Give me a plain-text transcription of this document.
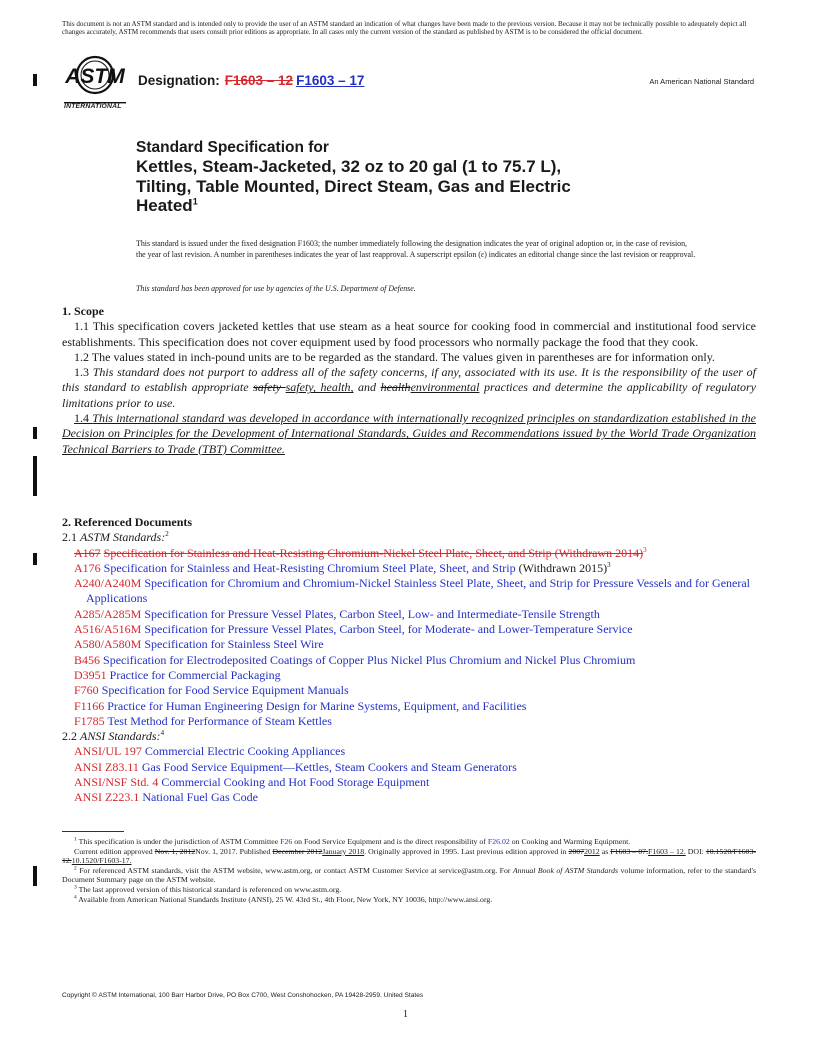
This document is not an ASTM standard and is intended only to provide the user of an ASTM standard an indication of what changes have been made to the previous version. Because it may not be technically possible to adequately depict all changes accurately, ASTM recommends that users consult prior editions as appropriate. In all cases only the current version of the standard as published by ASTM is to be considered the official document.
ASTM
INTERNATIONAL
Designation: F1603 – 12 F1603 – 17	An American National Standard
Standard Specification for
Kettles, Steam-Jacketed, 32 oz to 20 gal (1 to 75.7 L),
Tilting, Table Mounted, Direct Steam, Gas and Electric
Heated$^1$
This standard is issued under the fixed designation F1603; the number immediately following the designation indicates the year of original adoption or, in the case of revision, the year of last revision. A number in parentheses indicates the year of last reapproval. A superscript epsilon (ε) indicates an editorial change since the last revision or reapproval.
This standard has been approved for use by agencies of the U.S. Department of Defense.

1. Scope

1.1 This specification covers jacketed kettles that use steam as a heat source for cooking food in commercial and institutional food service establishments. This specification does not cover equipment used by food processors who normally package the food that they cook.

1.2 The values stated in inch-pound units are to be regarded as the standard. The values given in parentheses are for information only.

1.3 This standard does not purport to address all of the safety concerns, if any, associated with its use. It is the responsibility of the user of this standard to establish appropriate safety safety, health, and healthenvironmental practices and determine the applicability of regulatory limitations prior to use.

1.4 This international standard was developed in accordance with internationally recognized principles on standardization established in the Decision on Principles for the Development of International Standards, Guides and Recommendations issued by the World Trade Organization Technical Barriers to Trade (TBT) Committee.

2. Referenced Documents

2.1 ASTM Standards:$^2$

A167 Specification for Stainless and Heat-Resisting Chromium-Nickel Steel Plate, Sheet, and Strip (Withdrawn 2014)$^3$

A176 Specification for Stainless and Heat-Resisting Chromium Steel Plate, Sheet, and Strip (Withdrawn 2015)$^3$

A240/A240M Specification for Chromium and Chromium-Nickel Stainless Steel Plate, Sheet, and Strip for Pressure Vessels and for General Applications

A285/A285M Specification for Pressure Vessel Plates, Carbon Steel, Low- and Intermediate-Tensile Strength

A516/A516M Specification for Pressure Vessel Plates, Carbon Steel, for Moderate- and Lower-Temperature Service

A580/A580M Specification for Stainless Steel Wire

B456 Specification for Electrodeposited Coatings of Copper Plus Nickel Plus Chromium and Nickel Plus Chromium

D3951 Practice for Commercial Packaging

F760 Specification for Food Service Equipment Manuals

F1166 Practice for Human Engineering Design for Marine Systems, Equipment, and Facilities

F1785 Test Method for Performance of Steam Kettles

2.2 ANSI Standards:$^4$

ANSI/UL 197 Commercial Electric Cooking Appliances

ANSI Z83.11 Gas Food Service Equipment—Kettles, Steam Cookers and Steam Generators

ANSI/NSF Std. 4 Commercial Cooking and Hot Food Storage Equipment

ANSI Z223.1 National Fuel Gas Code

$^1$ This specification is under the jurisdiction of ASTM Committee F26 on Food Service Equipment and is the direct responsibility of F26.02 on Cooking and Warming Equipment.

Current edition approved Nov. 1, 2012Nov. 1, 2017. Published December 2012January 2018. Originally approved in 1995. Last previous edition approved in 20072012 as F1603 – 07.F1603 – 12. DOI: 10.1520/F1603-12.10.1520/F1603-17.

$^2$ For referenced ASTM standards, visit the ASTM website, www.astm.org, or contact ASTM Customer Service at service@astm.org. For Annual Book of ASTM Standards volume information, refer to the standard's Document Summary page on the ASTM website.

$^3$ The last approved version of this historical standard is referenced on www.astm.org.

$^4$ Available from American National Standards Institute (ANSI), 25 W. 43rd St., 4th Floor, New York, NY 10036, http://www.ansi.org.

Copyright © ASTM International, 100 Barr Harbor Drive, PO Box C700, West Conshohocken, PA 19428-2959. United States
1
